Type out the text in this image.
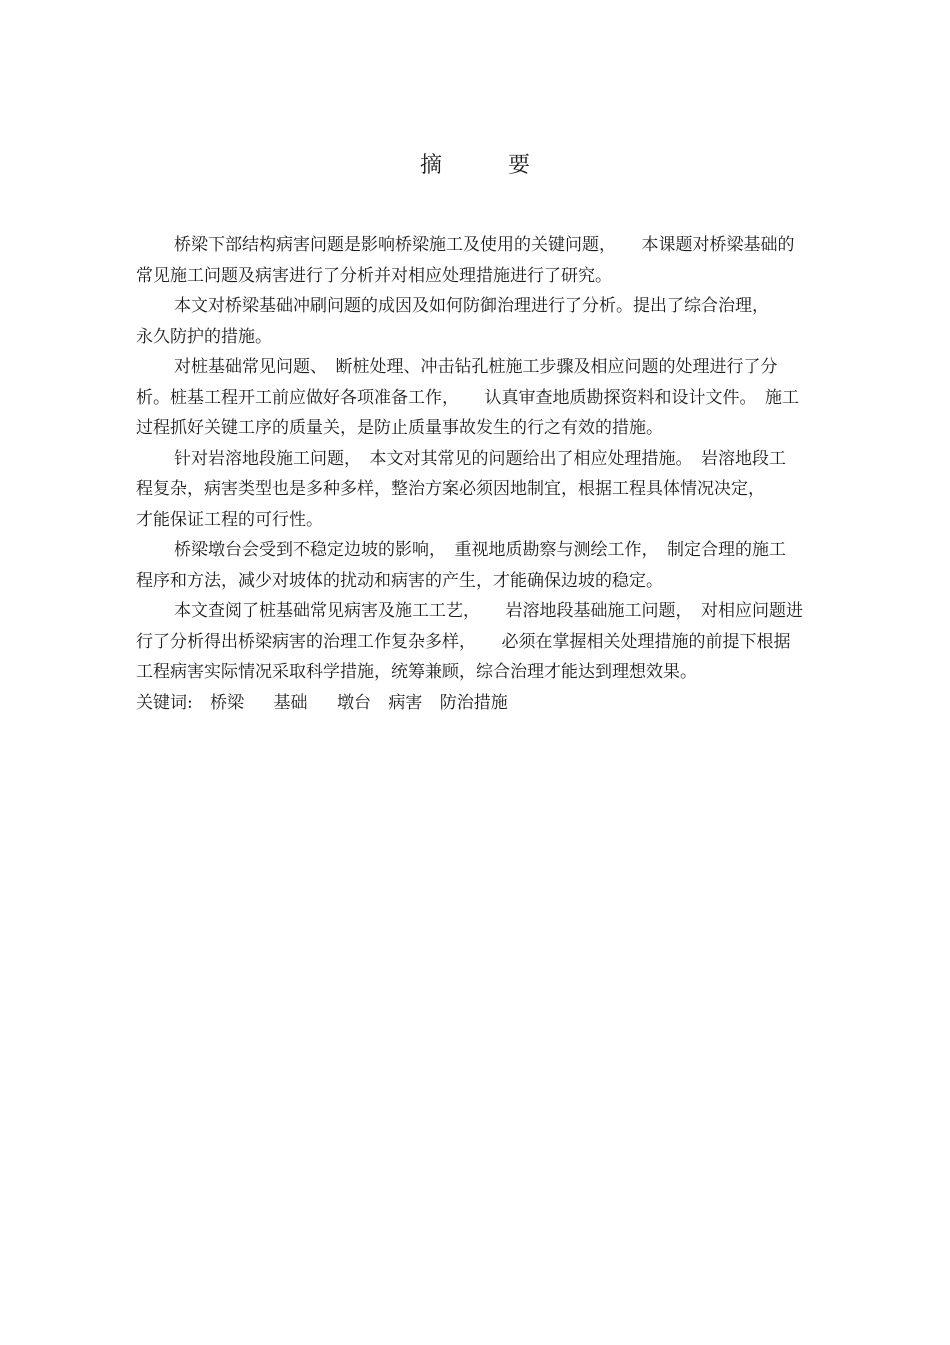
摘　要
桥梁下部结构病害问题是影响桥梁施工及使用的关键问题，　　本课题对桥梁基础的
常见施工问题及病害进行了分析并对相应处理措施进行了研究。
本文对桥梁基础冲刷问题的成因及如何防御治理进行了分析。提出了综合治理，
永久防护的措施。
对桩基础常见问题、　断桩处理、冲击钻孔桩施工步骤及相应问题的处理进行了分
析。桩基工程开工前应做好各项准备工作，　　认真审查地质勘探资料和设计文件。　施工
过程抓好关键工序的质量关，是防止质量事故发生的行之有效的措施。
针对岩溶地段施工问题，　本文对其常见的问题给出了相应处理措施。　岩溶地段工
程复杂，病害类型也是多种多样，整治方案必须因地制宜，根据工程具体情况决定，
才能保证工程的可行性。
桥梁墩台会受到不稳定边坡的影响，　重视地质勘察与测绘工作，　制定合理的施工
程序和方法，减少对坡体的扰动和病害的产生，才能确保边坡的稳定。
本文查阅了桩基础常见病害及施工工艺，　　岩溶地段基础施工问题，　对相应问题进
行了分析得出桥梁病害的治理工作复杂多样，　　必须在掌握相关处理措施的前提下根据
工程病害实际情况采取科学措施，统筹兼顾，综合治理才能达到理想效果。
关键词: 桥梁 基础 墩台 病害 防治措施
